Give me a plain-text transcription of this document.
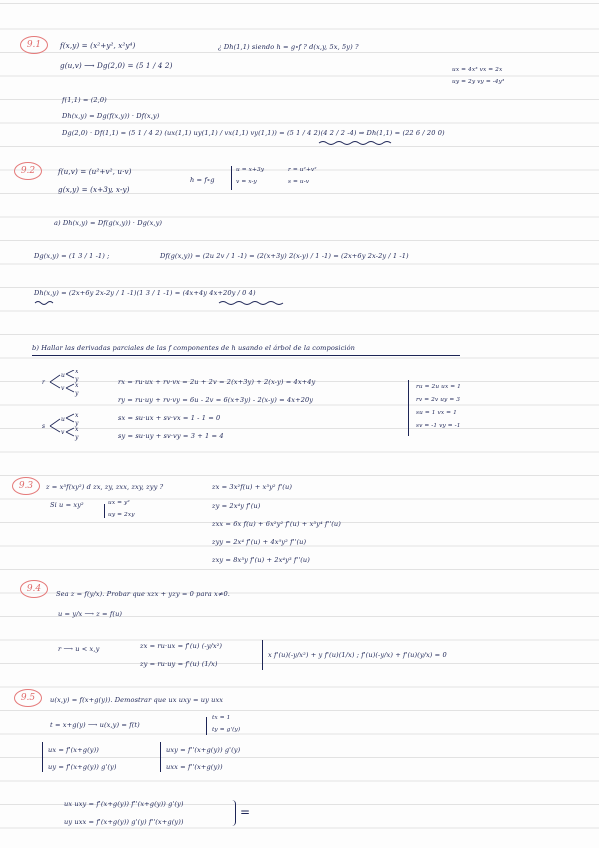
9.1
9.2
9.3
9.4
9.5
f(x,y) = (x²+y², x²y⁴)
g(u,v) ⟶ Dg(2,0) = (5 1 / 4 2)
¿ Dh(1,1) siendo h = g∘f ? d(x,y, 5x, 5y) ?
ux = 4x³ vx = 2x
uy = 2y vy = -4y³
f(1,1) = (2,0)
Dh(x,y) = Dg(f(x,y)) · Df(x,y)
Dg(2,0) · Df(1,1) = (5 1 / 4 2) (ux(1,1) uy(1,1) / vx(1,1) vy(1,1)) = (5 1 / 4 2)(4 2 / 2 -4) ⇒ Dh(1,1) = (22 6 / 20 0)
f(u,v) = (u²+v², u·v)
g(x,y) = (x+3y, x-y)
h = f∘g
u = x+3y
v = x-y
r = u²+v²
s = u-v
a) Dh(x,y) = Df(g(x,y)) · Dg(x,y)
Dg(x,y) = (1 3 / 1 -1) ;	Df(g(x,y)) = (2u 2v / 1 -1) = (2(x+3y) 2(x-y) / 1 -1) = (2x+6y 2x-2y / 1 -1)
Dh(x,y) = (2x+6y 2x-2y / 1 -1)(1 3 / 1 -1) = (4x+4y 4x+20y / 0 4)
b) Hallar las derivadas parciales de las f componentes de h usando el árbol de la composición
r
u
v
x
y
x
y
s
u
v
x
y
x
y
rx = ru·ux + rv·vx = 2u + 2v = 2(x+3y) + 2(x-y) = 4x+4y
ry = ru·uy + rv·vy = 6u - 2v = 6(x+3y) - 2(x-y) = 4x+20y
sx = su·ux + sv·vx = 1 - 1 = 0
sy = su·uy + sv·vy = 3 + 1 = 4
ru = 2u ux = 1
rv = 2v uy = 3
su = 1 vx = 1
sv = -1 vy = -1
z = x³f(xy²) d zx, zy, zxx, zxy, zyy ?
Si u = xy²	ux = y²
uy = 2xy
zx = 3x²f(u) + x³y² f'(u)
zy = 2x⁴y f'(u)
zxx = 6x f(u) + 6x²y² f'(u) + x³y⁴ f''(u)
zyy = 2x⁴ f'(u) + 4x⁵y² f''(u)
zxy = 8x³y f'(u) + 2x⁴y³ f''(u)
Sea z = f(y/x). Probar que xzx + yzy = 0 para x≠0.
u = y/x ⟶ z = f(u)
r ⟶ u < x,y	zx = ru·ux = f'(u) (-y/x²)
zy = ru·uy = f'(u) (1/x)
x f'(u)(-y/x²) + y f'(u)(1/x) ; f'(u)(-y/x) + f'(u)(y/x) = 0
u(x,y) = f(x+g(y)). Demostrar que ux uxy = uy uxx
t = x+g(y) ⟶ u(x,y) = f(t)
tx = 1
ty = g'(y)
ux = f'(x+g(y))
uy = f'(x+g(y)) g'(y)
uxy = f''(x+g(y)) g'(y)
uxx = f''(x+g(y))
ux uxy = f'(x+g(y)) f''(x+g(y)) g'(y)
uy uxx = f'(x+g(y)) g'(y) f''(x+g(y))
=
